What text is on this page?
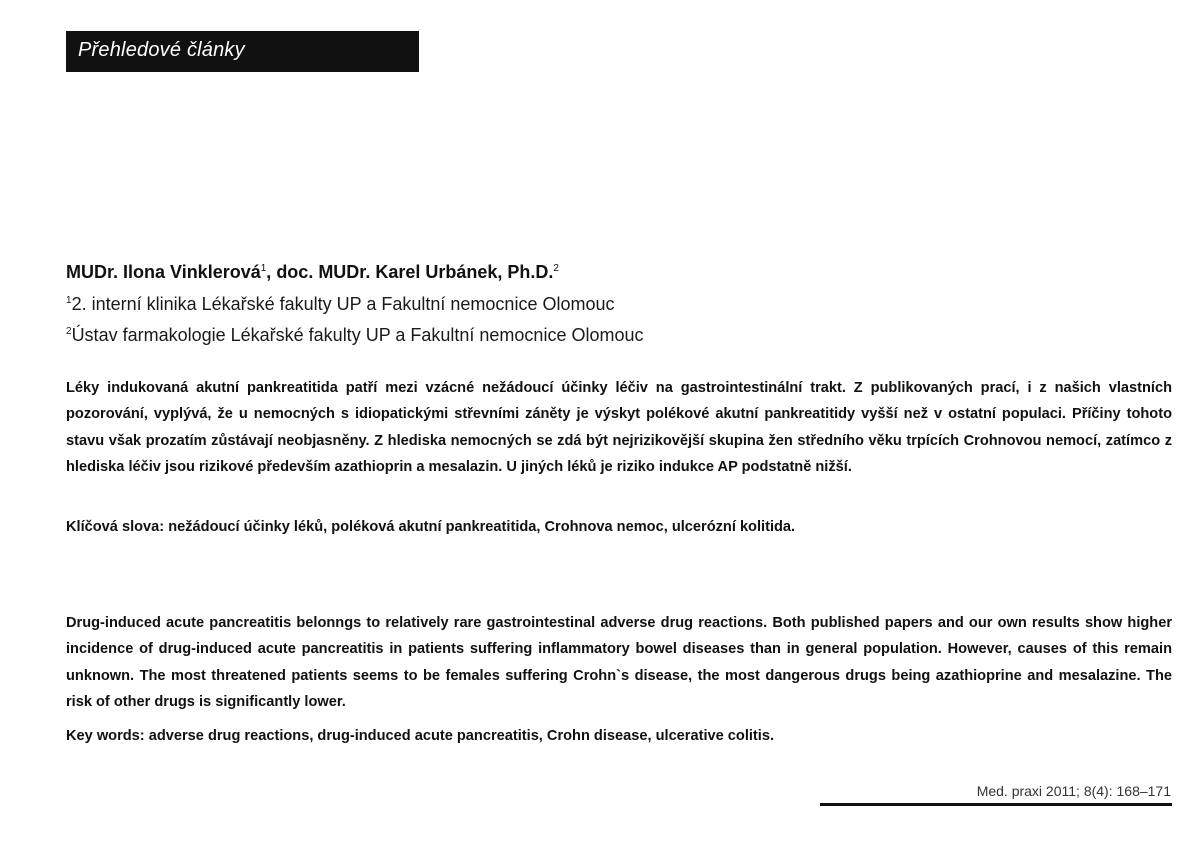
Přehledové články
MUDr. Ilona Vinklerová$^1$, doc. MUDr. Karel Urbánek, Ph.D.$^2$
$^1$2. interní klinika Lékařské fakulty UP a Fakultní nemocnice Olomouc
$^2$Ústav farmakologie Lékařské fakulty UP a Fakultní nemocnice Olomouc

Léky indukovaná akutní pankreatitida patří mezi vzácné nežádoucí účinky léčiv na gastrointestinální trakt. Z publikovaných prací, i z našich vlastních pozorování, vyplývá, že u nemocných s idiopatickými střevními záněty je výskyt polékové akutní pankreatitidy vyšší než v ostatní populaci. Příčiny tohoto stavu však prozatím zůstávají neobjasněny. Z hlediska nemocných se zdá být nejrizikovější skupina žen středního věku trpících Crohnovou nemocí, zatímco z hlediska léčiv jsou rizikové především azathioprin a mesalazin. U jiných léků je riziko indukce AP podstatně nižší.

Klíčová slova: nežádoucí účinky léků, poléková akutní pankreatitida, Crohnova nemoc, ulcerózní kolitida.

Drug-induced acute pancreatitis belonngs to relatively rare gastrointestinal adverse drug reactions. Both published papers and our own results show higher incidence of drug-induced acute pancreatitis in patients suffering inflammatory bowel diseases than in general population. However, causes of this remain unknown. The most threatened patients seems to be females suffering Crohn`s disease, the most dangerous drugs being azathioprine and mesalazine. The risk of other drugs is significantly lower.

Key words: adverse drug reactions, drug-induced acute pancreatitis, Crohn disease, ulcerative colitis.

Med. praxi 2011; 8(4): 168–171
